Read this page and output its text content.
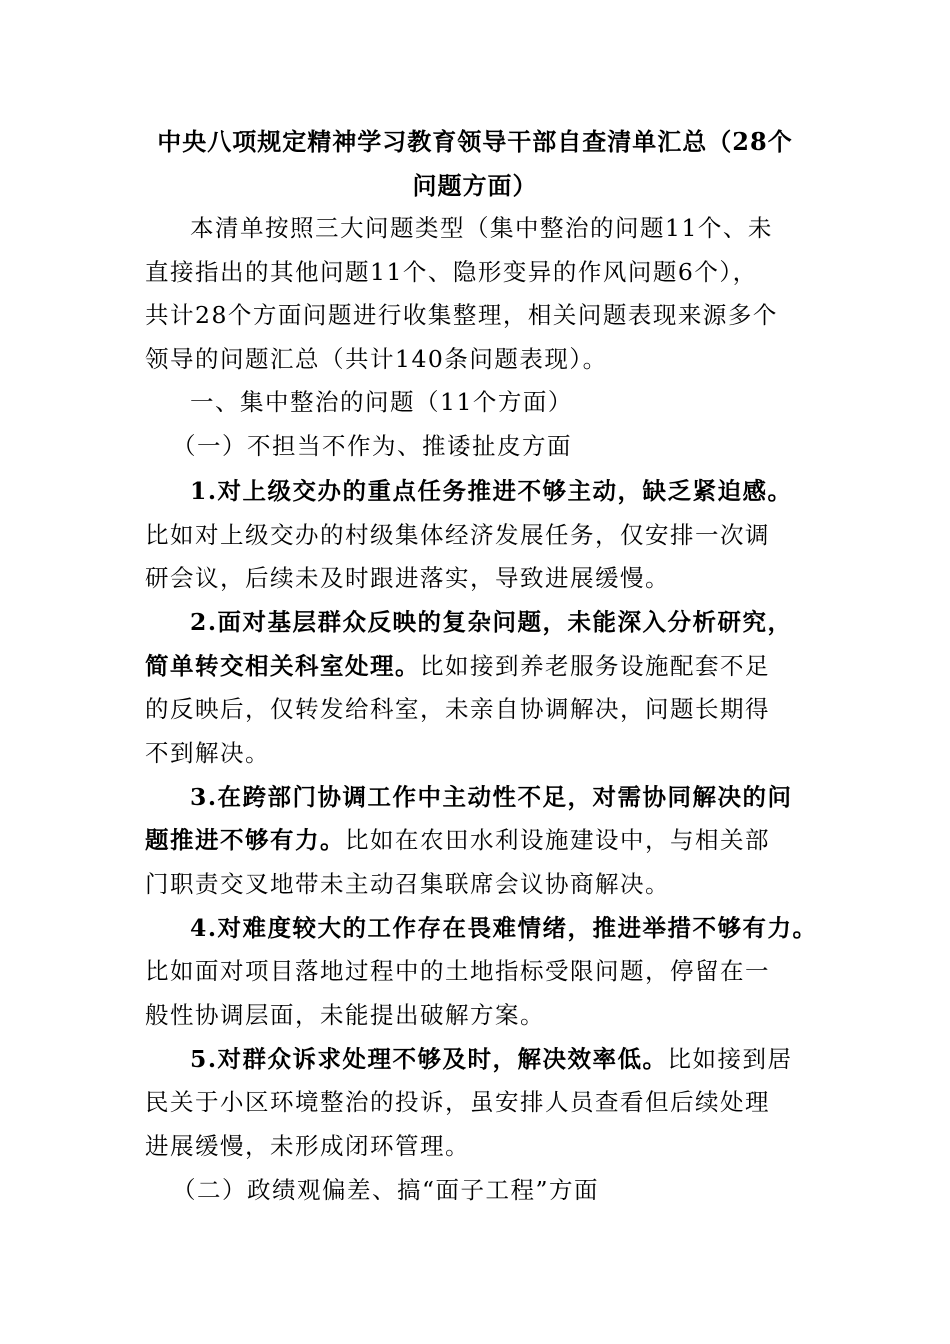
中央八项规定精神学习教育领导干部自查清单汇总（28个
问题方面）
本清单按照三大问题类型（集中整治的问题11个、未
直接指出的其他问题11个、隐形变异的作风问题6个），
共计28个方面问题进行收集整理，相关问题表现来源多个
领导的问题汇总（共计140条问题表现）。
一、集中整治的问题（11个方面）
（一）不担当不作为、推诿扯皮方面
1.对上级交办的重点任务推进不够主动，缺乏紧迫感。
比如对上级交办的村级集体经济发展任务，仅安排一次调
研会议，后续未及时跟进落实，导致进展缓慢。
2.面对基层群众反映的复杂问题，未能深入分析研究，
简单转交相关科室处理。比如接到养老服务设施配套不足
的反映后，仅转发给科室，未亲自协调解决，问题长期得
不到解决。
3.在跨部门协调工作中主动性不足，对需协同解决的问
题推进不够有力。比如在农田水利设施建设中，与相关部
门职责交叉地带未主动召集联席会议协商解决。
4.对难度较大的工作存在畏难情绪，推进举措不够有力。
比如面对项目落地过程中的土地指标受限问题，停留在一
般性协调层面，未能提出破解方案。
5.对群众诉求处理不够及时，解决效率低。比如接到居
民关于小区环境整治的投诉，虽安排人员查看但后续处理
进展缓慢，未形成闭环管理。
（二）政绩观偏差、搞“面子工程”方面
